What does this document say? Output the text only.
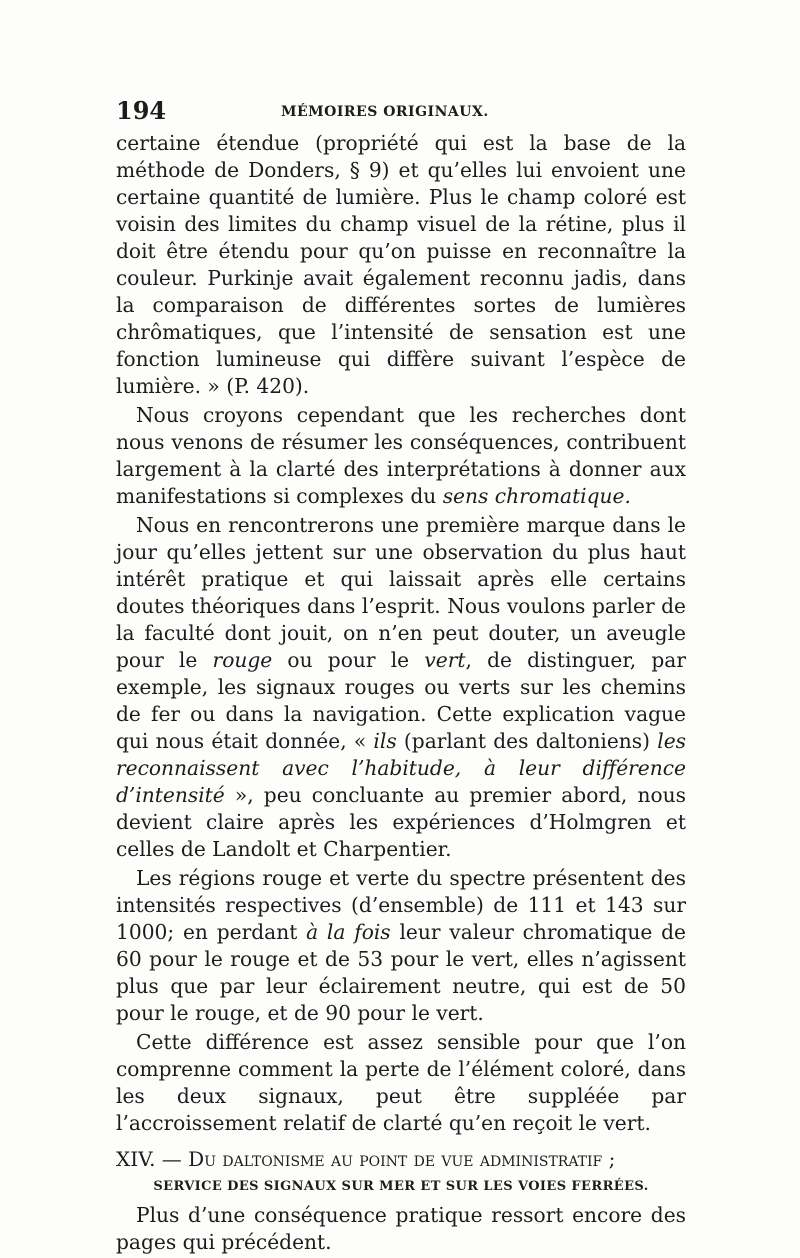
194	MÉMOIRES ORIGINAUX.

certaine étendue (propriété qui est la base de la méthode de Donders, § 9) et qu’elles lui envoient une certaine quantité de lumière. Plus le champ coloré est voisin des limites du champ visuel de la rétine, plus il doit être étendu pour qu’on puisse en reconnaître la couleur. Purkinje avait également reconnu jadis, dans la comparaison de différentes sortes de lumières chrômatiques, que l’intensité de sensation est une fonction lumineuse qui diffère suivant l’espèce de lumière. » (P. 420).

Nous croyons cependant que les recherches dont nous venons de résumer les conséquences, contribuent largement à la clarté des interprétations à donner aux manifestations si complexes du sens chromatique.

Nous en rencontrerons une première marque dans le jour qu’elles jettent sur une observation du plus haut intérêt pratique et qui laissait après elle certains doutes théoriques dans l’esprit. Nous voulons parler de la faculté dont jouit, on n’en peut douter, un aveugle pour le rouge ou pour le vert, de distinguer, par exemple, les signaux rouges ou verts sur les chemins de fer ou dans la navigation. Cette explication vague qui nous était donnée, « ils (parlant des daltoniens) les reconnaissent avec l’habitude, à leur différence d’intensité », peu concluante au premier abord, nous devient claire après les expériences d’Holmgren et celles de Landolt et Charpentier.

Les régions rouge et verte du spectre présentent des intensités respectives (d’ensemble) de 111 et 143 sur 1000; en perdant à la fois leur valeur chromatique de 60 pour le rouge et de 53 pour le vert, elles n’agissent plus que par leur éclairement neutre, qui est de 50 pour le rouge, et de 90 pour le vert.

Cette différence est assez sensible pour que l’on comprenne comment la perte de l’élément coloré, dans les deux signaux, peut être suppléée par l’accroissement relatif de clarté qu’en reçoit le vert.

XIV. — Du daltonisme au point de vue administratif ;
SERVICE DES SIGNAUX SUR MER ET SUR LES VOIES FERRÉES.

Plus d’une conséquence pratique ressort encore des pages qui précédent.
